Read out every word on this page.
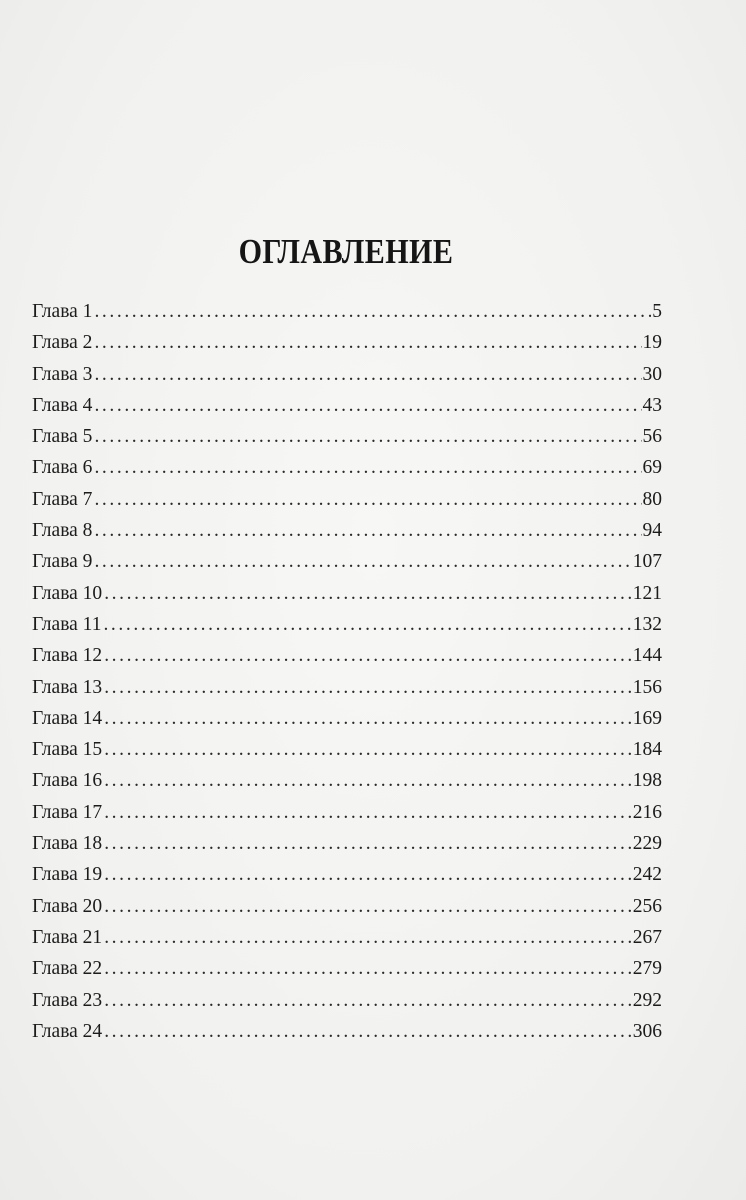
ОГЛАВЛЕНИЕ
Глава 1 .....	5
Глава 2 .....	19
Глава 3 .....	30
Глава 4 .....	43
Глава 5 .....	56
Глава 6 .....	69
Глава 7 .....	80
Глава 8 .....	94
Глава 9 .....	107
Глава 10 .....	121
Глава 11 .....	132
Глава 12 .....	144
Глава 13 .....	156
Глава 14 .....	169
Глава 15 .....	184
Глава 16 .....	198
Глава 17 .....	216
Глава 18 .....	229
Глава 19 .....	242
Глава 20 .....	256
Глава 21 .....	267
Глава 22 .....	279
Глава 23 .....	292
Глава 24 .....	306
